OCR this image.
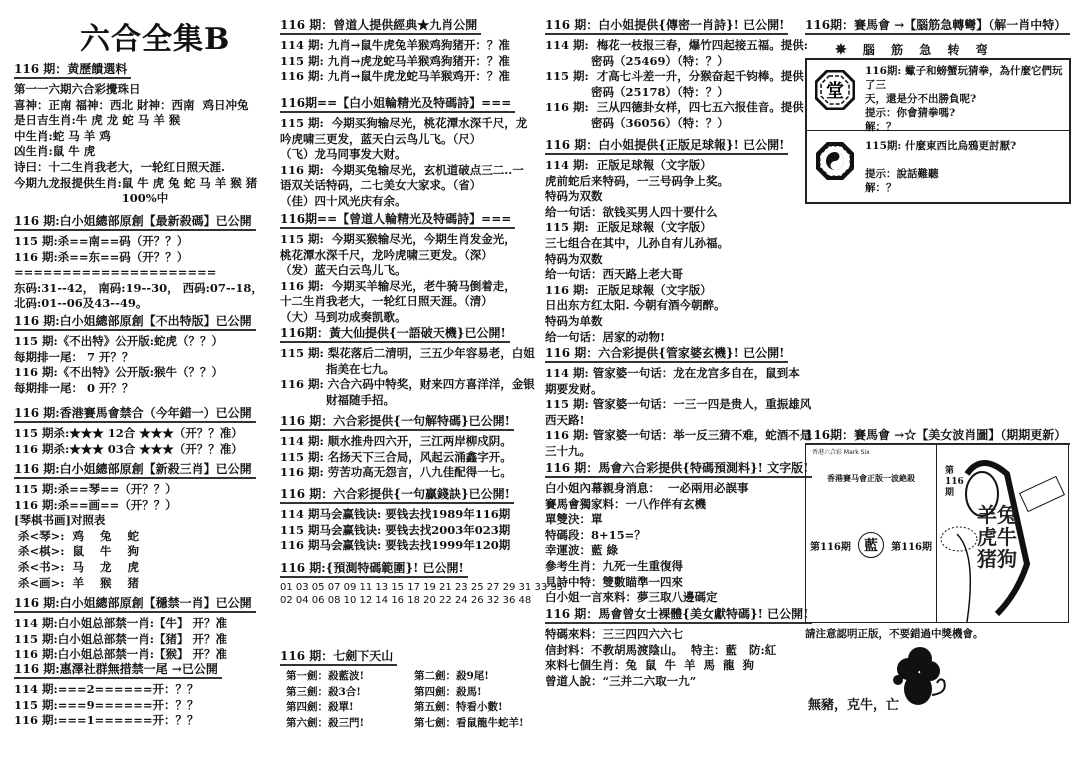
六合全集B
116 期：黄歷饋選料
第一一六期六合彩攪珠日
喜神：正南 福神：西北 財神：西南  鸡日冲兔
是日吉生肖:牛 虎 龙 蛇 马 羊 猴
中生肖:蛇 马 羊 鸡
凶生肖:鼠 牛 虎
诗曰：十二生肖我老大，一轮红日照天涯.
今期九龙报提供生肖:鼠 牛 虎 兔 蛇 马 羊 猴 猪
100%中
116 期:白小姐總部原創【最新殺碼】已公開
115 期:杀==南==码（开？？）
116 期:杀==东==码（开？？）
=====================
东码:31--42， 南码:19--30， 西码:07--18，
北码:01--06及43--49。
116 期:白小姐總部原創【不出特版】已公開
115 期:《不出特》公开版:蛇虎（？？）
每期排一尾： 7 开？？
116 期:《不出特》公开版:猴牛（？？）
每期排一尾： 0 开？？
116 期:香港賽馬會禁合（今年錯一）已公開
115 期杀:★★★ 12合 ★★★（开？？准）
116 期杀:★★★ 03合 ★★★（开？？准）
116 期:白小姐總部原創【新殺三肖】已公開
115 期:杀==琴==（开？？）
116 期:杀==画==（开？？）
[琴棋书画]对照表
杀<琴>:  鸡    兔    蛇
杀<棋>:  鼠    牛    狗
杀<书>:  马    龙    虎
杀<画>:  羊    猴    猪
116 期:白小姐總部原創【穩禁一肖】已公開
114 期:白小姐总部禁一肖:【牛】 开？准
115 期:白小姐总部禁一肖:【猪】 开？准
116 期:白小姐总部禁一肖:【猴】 开？准
116 期:惠澤社群無措禁一尾 →已公開
114 期:===2======开：？？
115 期:===9======开：？？
116 期:===1======开：？？
116 期：曾道人提供經典★九肖公開
114 期: 九肖→鼠牛虎兔羊猴鸡狗猪开：？准
115 期: 九肖→虎龙蛇马羊猴鸡狗猪开：？准
116 期: 九肖→鼠牛虎龙蛇马羊猴鸡开：？准
116期==【白小姐輪精光及特碼詩】===
115 期:  今期买狗输尽光，桃花潭水深千尺，龙
吟虎啸三更发，蓝天白云鸟儿飞。（尺）
（飞）龙马同事发大财。
116 期:  今期买兔输尽光，玄机道破点三二..一
语双关话特码，二七美女大家求。（省）
（佳）四十风光庆有余。
116期==【曾道人輪精光及特碼詩】===
115 期:  今期买猴输尽光，今期生肖发金光，
桃花潭水深千尺，龙吟虎啸三更发。（深）
（发）蓝天白云鸟儿飞。
116 期:  今期买羊输尽光，老牛骑马倒着走，
十二生肖我老大，一轮红日照天涯。（清）
（大）马到功成奏凯歌。
116期：黃大仙提供{一語破天機}已公開!
115 期: 梨花落后二清明，三五少年容易老，白姐
指美在七九。
116 期: 六合六码中特奖，财来四方喜洋洋，金银
财福随手招。
116 期：六合彩提供{一句解特碼}已公開!
114 期: 顺水推舟四六开，三江两岸柳戍阴。
115 期: 名扬天下三合局，风起云涌鑫字开。
116 期: 劳苦功高无怨言，八九佳配得一七。
116 期：六合彩提供{一句贏錢訣}已公開!
114 期马会赢钱诀: 要钱去找1989年116期
115 期马会赢钱诀: 要钱去找2003年023期
116 期马会赢钱诀: 要钱去找1999年120期
116 期:{預測特碼範圍}! 已公開!
01 03 05 07 09 11 13 15 17 19 21 23 25 27 29 31 33 35
02 04 06 08 10 12 14 16 18 20 22 24 26 32 36 48
116 期：七劍下天山
第一劍：殺藍波!	第二劍：殺9尾!
第三劍：殺3合!	第四劍：殺馬!
第四劍：殺單!	第五劍：特看小數!
第六劍：殺三門!	第七劍：看鼠龍牛蛇羊!
116 期：白小姐提供{傳密一肖詩}! 已公開!
114 期:  梅花一枝报三春，爆竹四起接五福。提供:
密码（25469）（特：？）
115 期:  才高七斗差一升，分猴奋起千钧棒。提供:
密码（25178）（特：？）
116 期:  三从四德卦女样，四七五六报佳音。提供:
密码（36056）（特：？）
116 期：白小姐提供{正版足球報}! 已公開!
114 期:  正版足球報（文字版）
虎前蛇后来特码，一三号码争上奖。
特码为双数
给一句话：欲钱买男人四十要什么
115 期:  正版足球報（文字版）
三七组合在其中，儿孙自有儿孙福。
特码为双数
给一句话：西天路上老大哥
116 期:  正版足球報（文字版）
日出东方红太阳. 今朝有酒今朝醉。
特码为单数
给一句话：居家的动物!
116 期：六合彩提供{管家婆玄機}! 已公開!
114 期: 管家婆一句话：龙在龙宫多自在，鼠到本
期要发财。
115 期: 管家婆一句话：一三一四是贵人，重振雄风
西天路!
116 期: 管家婆一句话：举一反三猜不难，蛇酒不是
三十九。
116 期：馬會六合彩提供{特碼預測料}! 文字版!
白小姐內幕親身消息：  一必兩用必誤事
賽馬會獨家料：一八作伴有玄機
單雙決：單
特碼段：8+15=？
幸運波：藍 綠
參考生肖：九死一生重復得
見詩中特：雙數瞄準一四來
白小姐一言來料：夢三取八邊碼定
116 期：馬會曾女士裸體{美女獻特碼}! 已公開!
特碼來料：三三四四六六七
信封料：不教胡馬渡陰山。  特主：藍   防:紅
來料七個生肖：兔  鼠  牛  羊  馬  龍  狗
曾道人說：“三并二六取一九”
116期：賽馬會 →【腦筋急轉彎】（解一肖中特）
✵ 腦 筋 急 转 弯
堂
116期: 蠍子和螃蟹玩猜拳，為什麼它們玩了三
天，還是分不出勝負呢?
提示：你會猜拳嗎?
解：？
115期: 什麼東西比烏鴉更討厭?
提示：說話難聽
解：？
116期：賽馬會 →☆【美女波肖圖】（期期更新）
香港六合彩 Mark Six
香港賽马會正版一波絶殺
第116期 藍	第116期
第116期
羊兔虎牛猪狗
請注意認明正版，不要錯過中獎機會。
無豬，克牛，亡
